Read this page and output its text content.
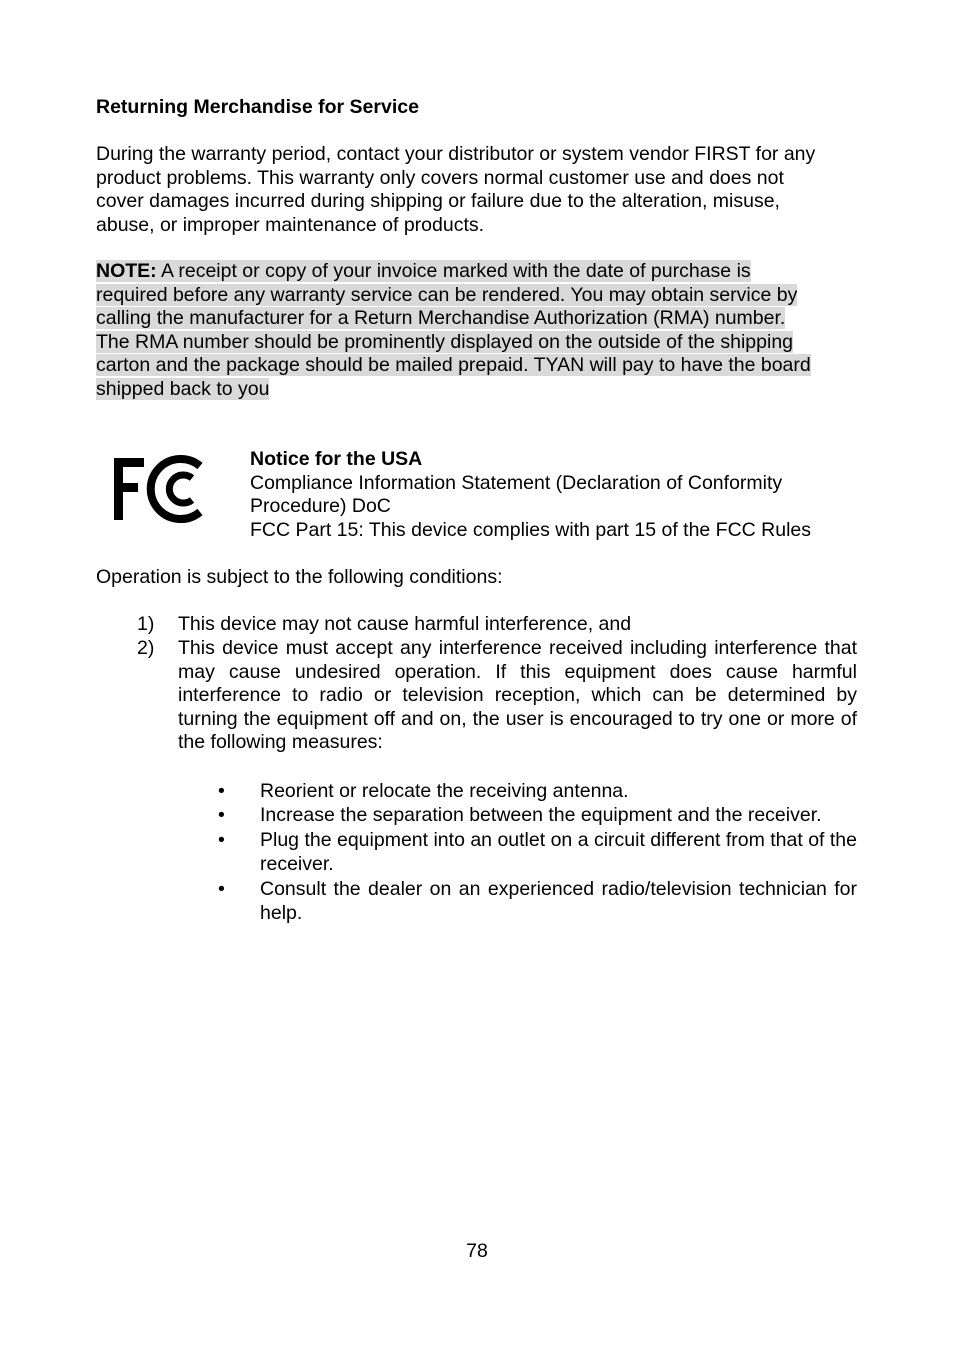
Returning Merchandise for Service
During the warranty period, contact your distributor or system vendor FIRST for any
product problems. This warranty only covers normal customer use and does not
cover damages incurred during shipping or failure due to the alteration, misuse,
abuse, or improper maintenance of products.
NOTE: A receipt or copy of your invoice marked with the date of purchase is
required before any warranty service can be rendered. You may obtain service by
calling the manufacturer for a Return Merchandise Authorization (RMA) number.
The RMA number should be prominently displayed on the outside of the shipping
carton and the package should be mailed prepaid. TYAN will pay to have the board
shipped back to you
Notice for the USA
Compliance Information Statement (Declaration of Conformity
Procedure) DoC
FCC Part 15: This device complies with part 15 of the FCC Rules
Operation is subject to the following conditions:
1)	This device may not cause harmful interference, and
2)	This device must accept any interference received including interference that may cause undesired operation. If this equipment does cause harmful interference to radio or television reception, which can be determined by turning the equipment off and on, the user is encouraged to try one or more of the following measures:
•	Reorient or relocate the receiving antenna.
•	Increase the separation between the equipment and the receiver.
•	Plug the equipment into an outlet on a circuit different from that of the receiver.
•	Consult the dealer on an experienced radio/television technician for help.
78
